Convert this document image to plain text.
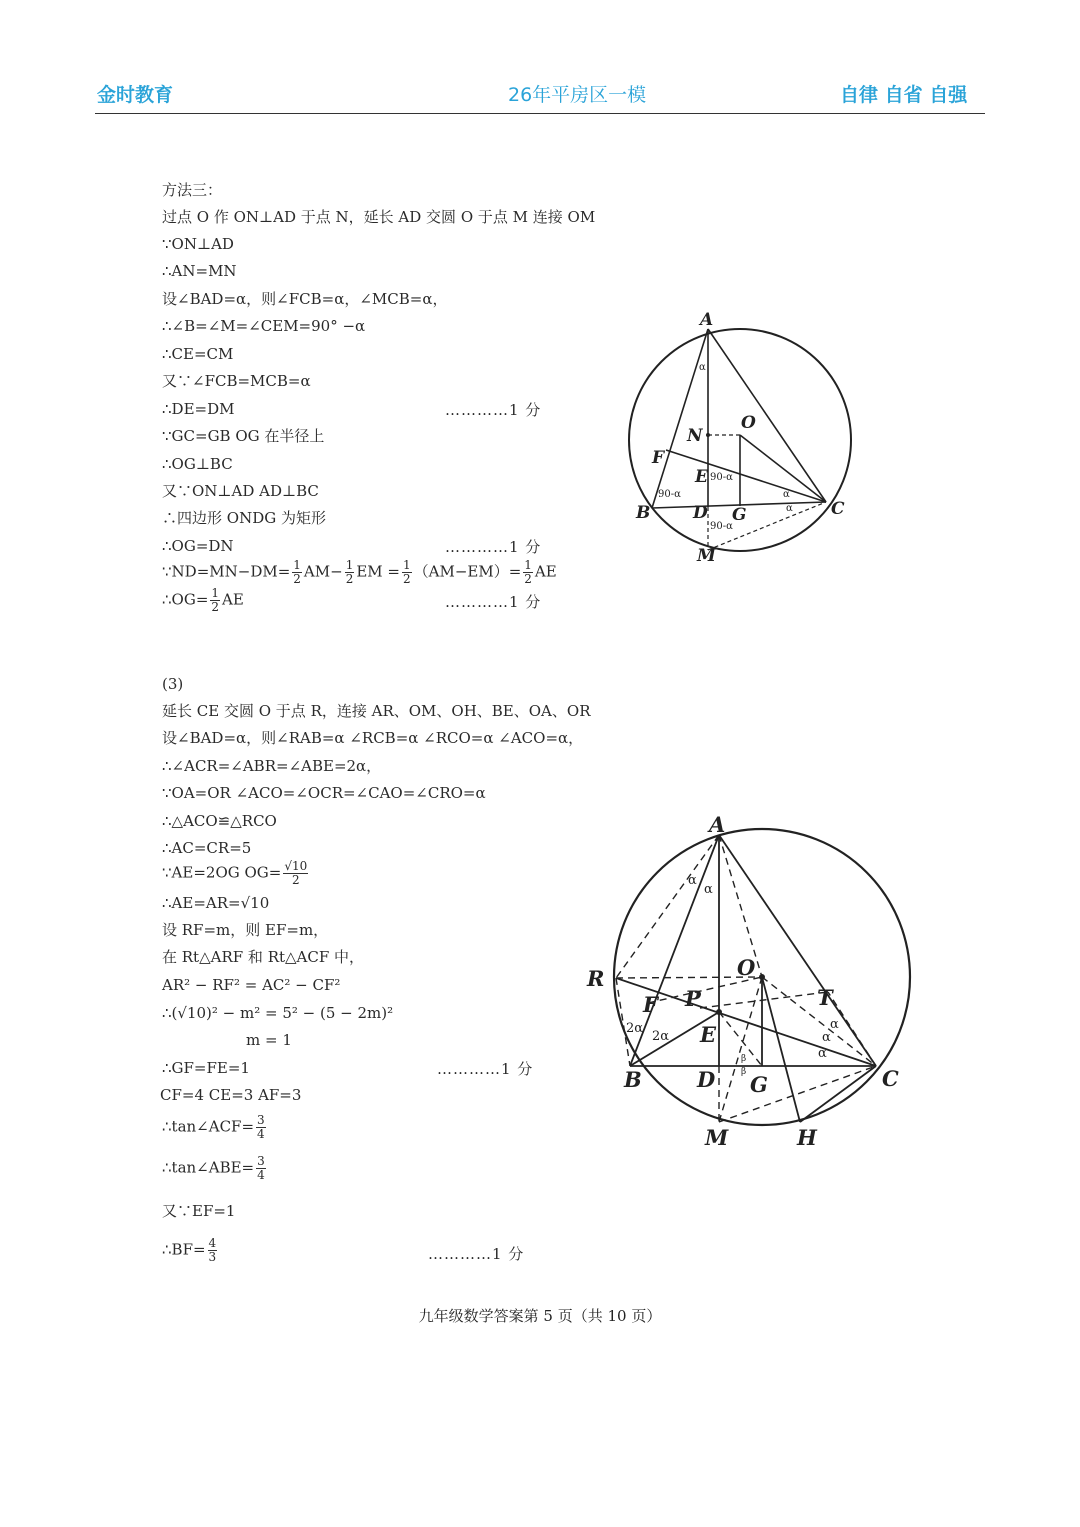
金时教育	26年平房区一模	自律 自省 自强
方法三：
过点 O 作 ON⊥AD 于点 N，延长 AD 交圆 O 于点 M 连接 OM
∵ON⊥AD
∴AN=MN
设∠BAD=α，则∠FCB=α，∠MCB=α，
∴∠B=∠M=∠CEM=90° −α
∴CE=CM
又∵∠FCB=MCB=α
∴DE=DM	…………1 分
∵GC=GB OG 在半径上
∴OG⊥BC
又∵ON⊥AD AD⊥BC
∴四边形 ONDG 为矩形
∴OG=DN	…………1 分
∵ND=MN−DM= $\frac{1}{2} AM- \frac{1}{2}$ EM = $\frac{1}{2} (AM-EM)= \frac{1}{2}$ AE
∴OG= $\frac{1}{2}$ AE	…………1 分
A
O
N
F
E
B	D G	C
M
α
90-α
90-α
90-α
α
α
(3)
延长 CE 交圆 O 于点 R，连接 AR、OM、OH、BE、OA、OR
设∠BAD=α，则∠RAB=α ∠RCB=α ∠RCO=α ∠ACO=α，
∴∠ACR=∠ABR=∠ABE=2α，
∵OA=OR ∠ACO=∠OCR=∠CAO=∠CRO=α
∴△ACO≌△RCO
∴AC=CR=5
∵AE=2OG $OG= \frac{√10}{2}$
∴AE=AR=√10
设 RF=m，则 EF=m，
在 Rt△ARF 和 Rt△ACF 中，
AR² − RF² = AC² − CF²
∴(√10)² − m² = 5² − (5 − 2m)²
m = 1
∴GF=FE=1	…………1 分
CF=4 CE=3 AF=3
∴tan∠ACF= $\frac{3}{4}$
∴tan∠ABE= $\frac{3}{4}$
又∵EF=1
∴BF= $\frac{4}{3}$	…………1 分
A
R	O
T
F P
E
B	D G	C
M	H
α
α
2α
2α
α
α
α
β
β
九年级数学答案第 5 页（共 10 页）
